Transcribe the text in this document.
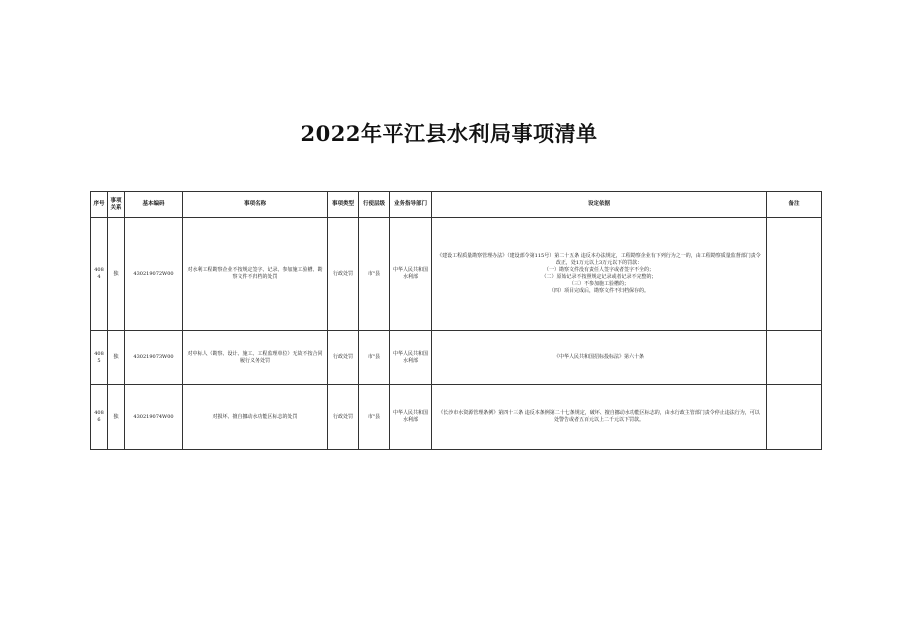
2022年平江县水利局事项清单
序号	事项关系	基本编码	事项名称	事项类型	行使层级	业务指导部门	设定依据	备注
4084	独	430219072W00	对水利工程勘察企业不按规定签字、记录、参加施工验槽、勘察文件不归档的处罚	行政处罚	市"县	中华人民共和国水利部	《建设工程质量勘察管理办法》（建设部令第115号）第二十五条 违反本办法规定，工程勘察企业有下列行为之一的，由工程勘察质量监督部门责令改正，处1万元以上3万元以下的罚款：
（一）勘察文件没有责任人签字或者签字不全的；
（二）原始记录不按照规定记录或者记录不完整的；
（三）不参加施工验槽的；
（四）项目完成后，勘察文件不归档保存的。	

4085	独	430219073W00	对中标人（勘察、设计、施工、工程监理单位）无故不按合同履行义务处罚	行政处罚	市"县	中华人民共和国水利部	《中华人民共和国招标投标法》第六十条	

4086	独	430219074W00	对损坏、擅自挪动水功能区标志的处罚	行政处罚	市"县	中华人民共和国水利部	《长沙市水资源管理条例》第四十三条 违反本条例第二十七条规定，破坏、擅自挪动水功能区标志的，由水行政主管部门责令停止违法行为，可以处警告或者五百元以上二千元以下罚款。	
